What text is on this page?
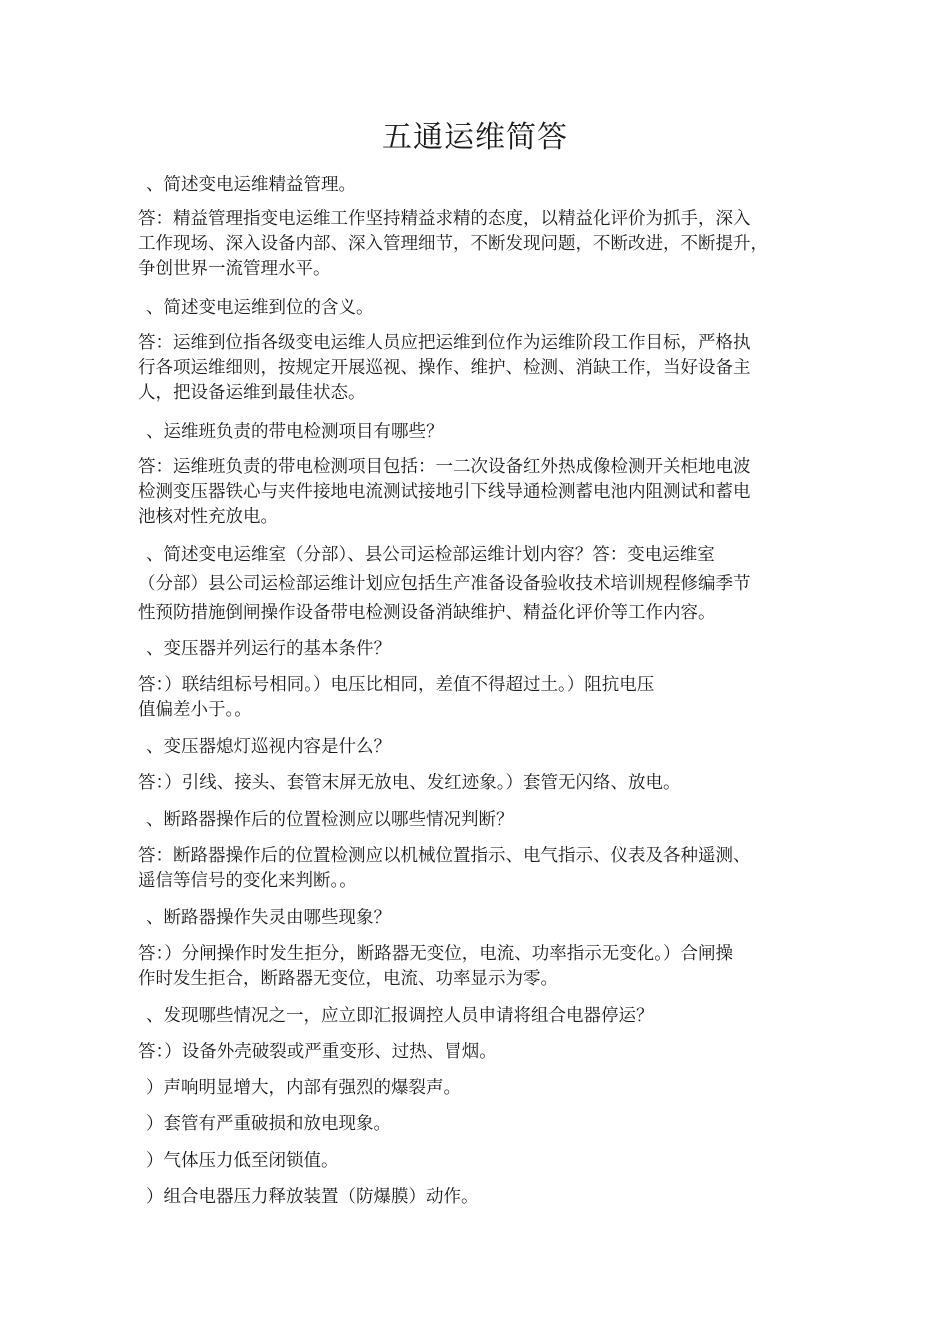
五通运维简答
、简述变电运维精益管理。
答：精益管理指变电运维工作坚持精益求精的态度，以精益化评价为抓手，深入
工作现场、深入设备内部、深入管理细节，不断发现问题，不断改进，不断提升，
争创世界一流管理水平。
、简述变电运维到位的含义。
答：运维到位指各级变电运维人员应把运维到位作为运维阶段工作目标，严格执
行各项运维细则，按规定开展巡视、操作、维护、检测、消缺工作，当好设备主
人，把设备运维到最佳状态。
、运维班负责的带电检测项目有哪些？
答：运维班负责的带电检测项目包括：一二次设备红外热成像检测开关柜地电波
检测变压器铁心与夹件接地电流测试接地引下线导通检测蓄电池内阻测试和蓄电
池核对性充放电。
、简述变电运维室（分部）、县公司运检部运维计划内容？答：变电运维室
（分部）县公司运检部运维计划应包括生产准备设备验收技术培训规程修编季节
性预防措施倒闸操作设备带电检测设备消缺维护、精益化评价等工作内容。
、变压器并列运行的基本条件？
答：）联结组标号相同。）电压比相同，差值不得超过土。）阻抗电压
值偏差小于。。
、变压器熄灯巡视内容是什么？
答：）引线、接头、套管末屏无放电、发红迹象。）套管无闪络、放电。
、断路器操作后的位置检测应以哪些情况判断？
答：断路器操作后的位置检测应以机械位置指示、电气指示、仪表及各种遥测、
遥信等信号的变化来判断。。
、断路器操作失灵由哪些现象？
答：）分闸操作时发生拒分，断路器无变位，电流、功率指示无变化。）合闸操
作时发生拒合，断路器无变位，电流、功率显示为零。
、发现哪些情况之一，应立即汇报调控人员申请将组合电器停运？
答：）设备外壳破裂或严重变形、过热、冒烟。
）声响明显增大，内部有强烈的爆裂声。
）套管有严重破损和放电现象。
）气体压力低至闭锁值。
）组合电器压力释放装置（防爆膜）动作。
